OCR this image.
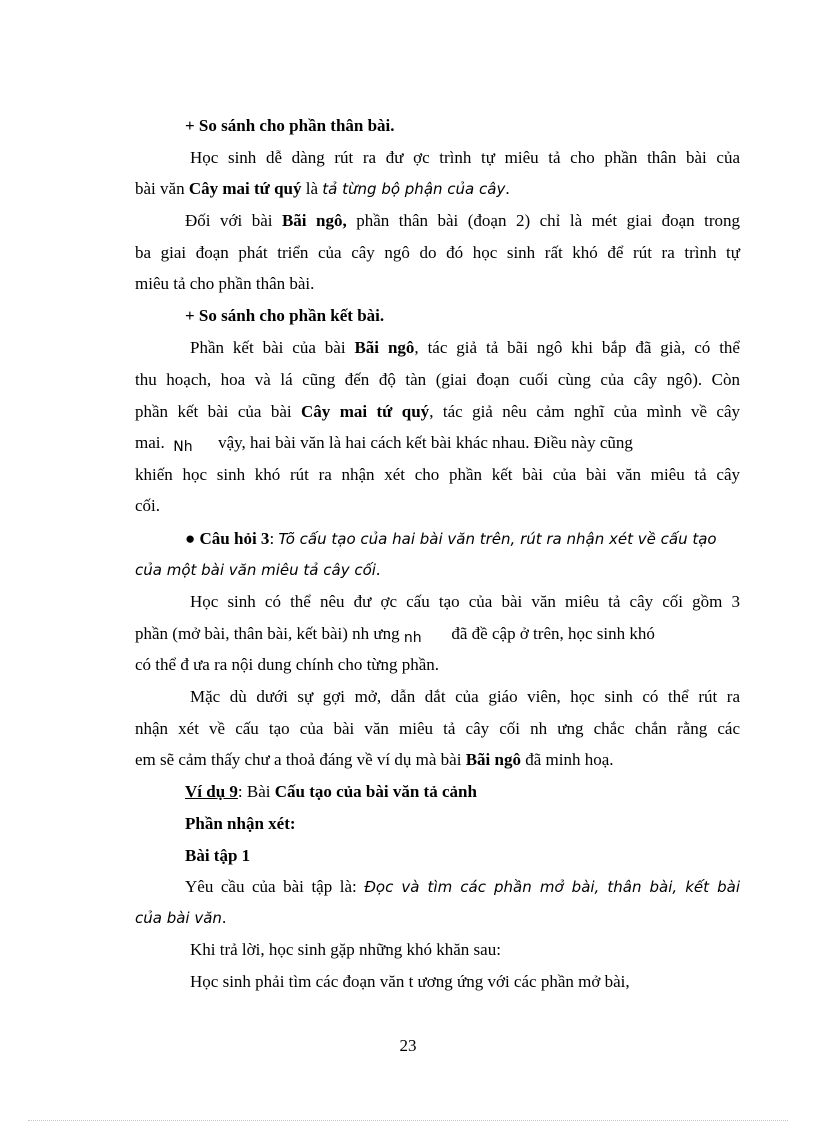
+ So sánh cho phần thân bài.
Học sinh dễ dàng rút ra đư ợc trình tự miêu tả cho phần thân bài của
bài văn Cây mai tứ quý là tả từng bộ phận của cây.
Đối với bài Bãi ngô, phần thân bài (đoạn 2) chỉ là mét giai đoạn trong
ba giai đoạn phát triển của cây ngô do đó học sinh rất khó để rút ra trình tự
miêu tả cho phần thân bài.
+ So sánh cho phần kết bài.
Phần kết bài của bài Bãi ngô, tác giả tả bãi ngô khi bắp đã già, có thể
thu hoạch, hoa và lá cũng đến độ tàn (giai đoạn cuối cùng của cây ngô). Còn
phần kết bài của bài Cây mai tứ quý, tác giả nêu cảm nghĩ của mình về cây
mai. Nh vậy, hai bài văn là hai cách kết bài khác nhau. Điều này cũng
khiến học sinh khó rút ra nhận xét cho phần kết bài của bài văn miêu tả cây
cối.
● Câu hỏi 3: Tõ cấu tạo của hai bài văn trên, rút ra nhận xét về cấu tạo
của một bài văn miêu tả cây cối.
Học sinh có thể nêu đư ợc cấu tạo của bài văn miêu tả cây cối gồm 3
phần (mở bài, thân bài, kết bài) nh ưng nh đã đề cập ở trên, học sinh khó
có thể đ ưa ra nội dung chính cho từng phần.
Mặc dù dưới sự gợi mở, dẫn dắt của giáo viên, học sinh có thể rút ra
nhận xét về cấu tạo của bài văn miêu tả cây cối nh ưng chắc chắn rằng các
em sẽ cảm thấy chư a thoả đáng về ví dụ mà bài Bãi ngô đã minh hoạ.
Ví dụ 9: Bài Cấu tạo của bài văn tả cảnh
Phần nhận xét:
Bài tập 1
Yêu cầu của bài tập là: Đọc và tìm các phần mở bài, thân bài, kết bài
của bài văn.
Khi trả lời, học sinh gặp những khó khăn sau:
Học sinh phải tìm các đoạn văn t ương ứng với các phần mở bài,
23
